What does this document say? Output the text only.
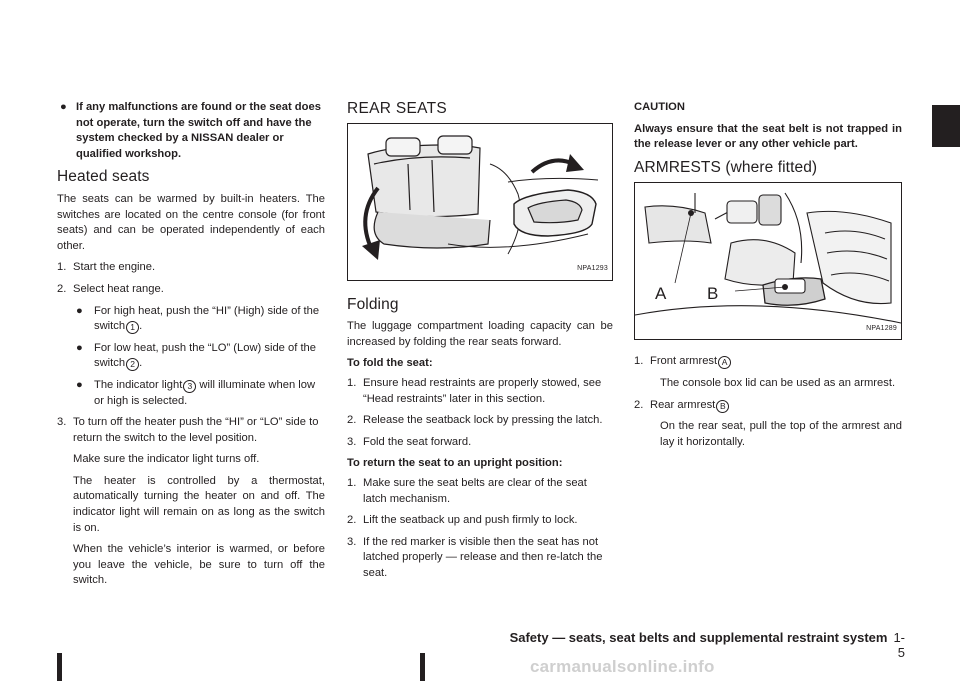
● If any malfunctions are found or the seat does not operate, turn the switch off and have the system checked by a NISSAN dealer or qualified workshop.
Heated seats

The seats can be warmed by built-in heaters. The switches are located on the centre console (for front seats) and can be operated independently of each other.

1. Start the engine.
2. Select heat range.
● For high heat, push the “HI” (High) side of the switch 1 .
● For low heat, push the “LO” (Low) side of the switch 2 .
● The indicator light 3 will illuminate when low or high is selected.
3. To turn off the heater push the “HI” or “LO” side to return the switch to the level position.

Make sure the indicator light turns off.

The heater is controlled by a thermostat, automatically turning the heater on and off. The indicator light will remain on as long as the switch is on.

When the vehicle’s interior is warmed, or before you leave the vehicle, be sure to turn off the switch.

REAR SEATS
NPA1293
Folding

The luggage compartment loading capacity can be increased by folding the rear seats forward.

To fold the seat:

1. Ensure head restraints are properly stowed, see “Head restraints” later in this section.
2. Release the seatback lock by pressing the latch.
3. Fold the seat forward.

To return the seat to an upright position:

1. Make sure the seat belts are clear of the seat latch mechanism.
2. Lift the seatback up and push firmly to lock.
3. If the red marker is visible then the seat has not latched properly — release and then re-latch the seat.

CAUTION

Always ensure that the seat belt is not trapped in the release lever or any other vehicle part.

ARMRESTS (where fitted)
A B
NPA1289
1. Front armrest A

The console box lid can be used as an armrest.

2. Rear armrest B

On the rear seat, pull the top of the armrest and lay it horizontally.

Safety — seats, seat belts and supplemental restraint system 1-5
carmanualsonline.info
